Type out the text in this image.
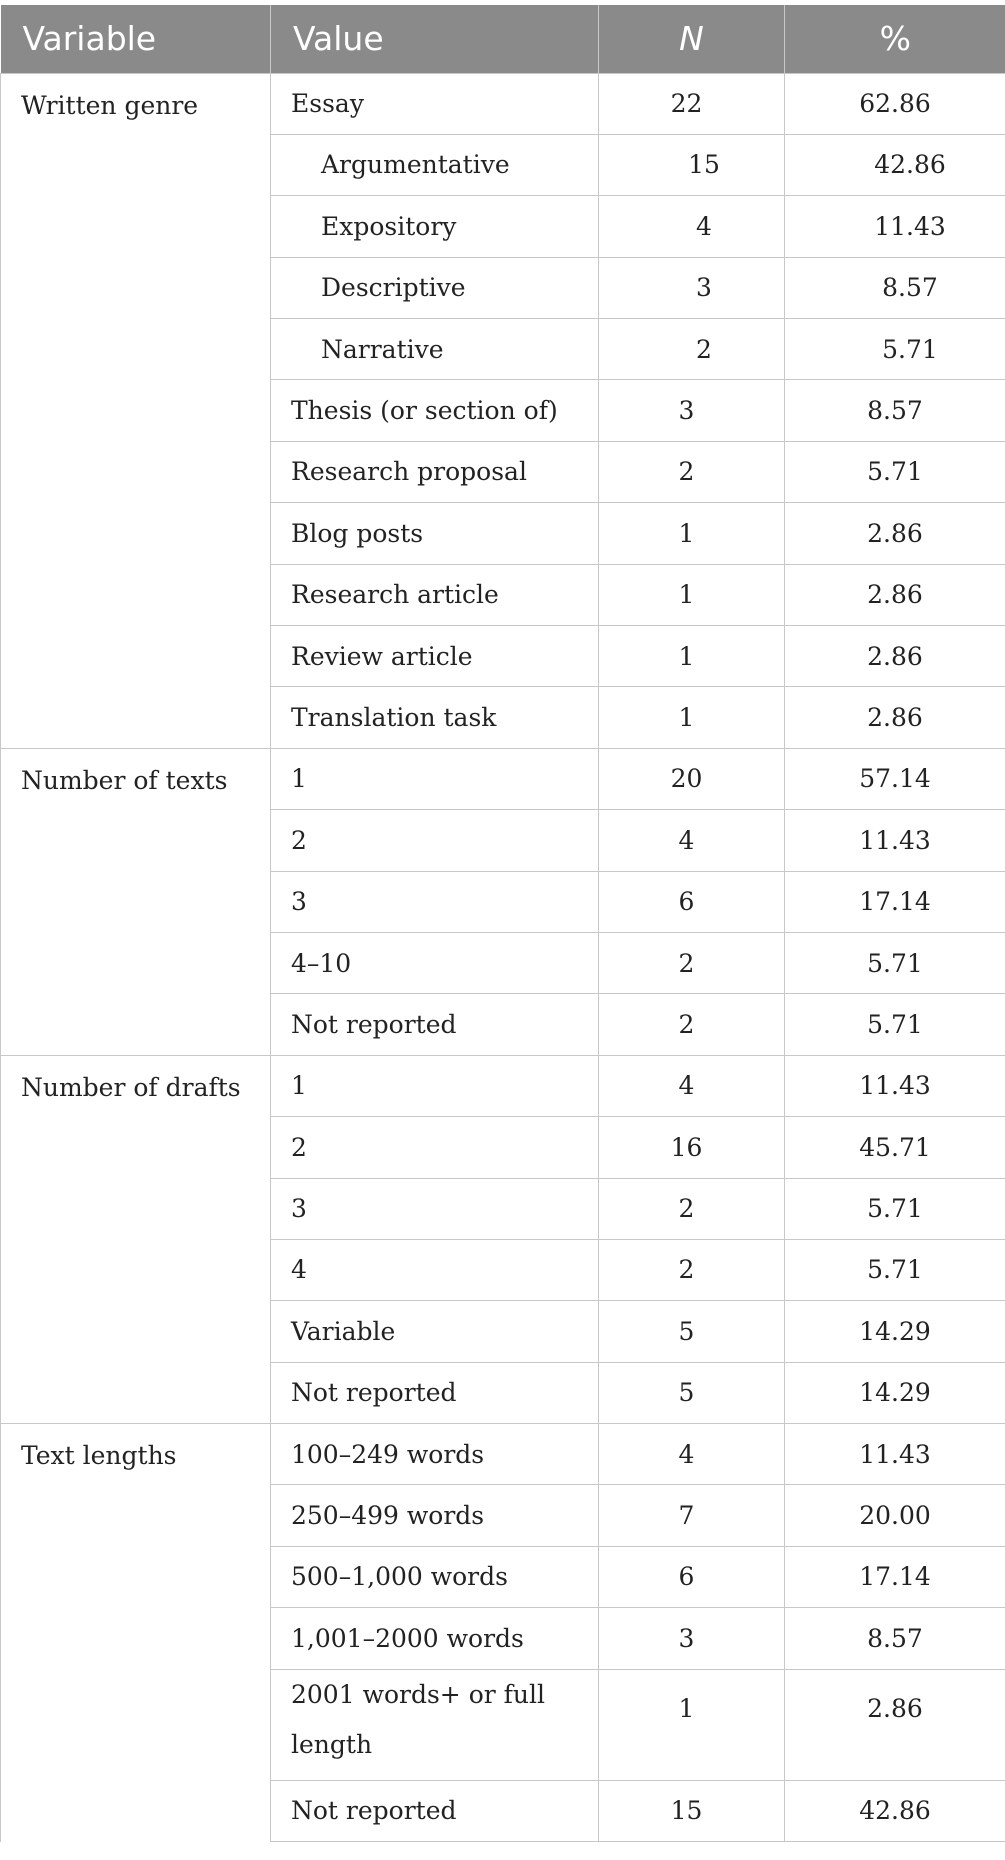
Variable	Value	N	%
Written genre	Essay	22	62.86
	Argumentative	15	42.86
	Expository	4	11.43
	Descriptive	3	8.57
	Narrative	2	5.71
	Thesis (or section of)	3	8.57
	Research proposal	2	5.71
	Blog posts	1	2.86
	Research article	1	2.86
	Review article	1	2.86
	Translation task	1	2.86
Number of texts	1	20	57.14
	2	4	11.43
	3	6	17.14
	4–10	2	5.71
	Not reported	2	5.71
Number of drafts	1	4	11.43
	2	16	45.71
	3	2	5.71
	4	2	5.71
	Variable	5	14.29
	Not reported	5	14.29
Text lengths	100–249 words	4	11.43
	250–499 words	7	20.00
	500–1,000 words	6	17.14
	1,001–2000 words	3	8.57
	2001 words+ or full length	1	2.86
	Not reported	15	42.86
